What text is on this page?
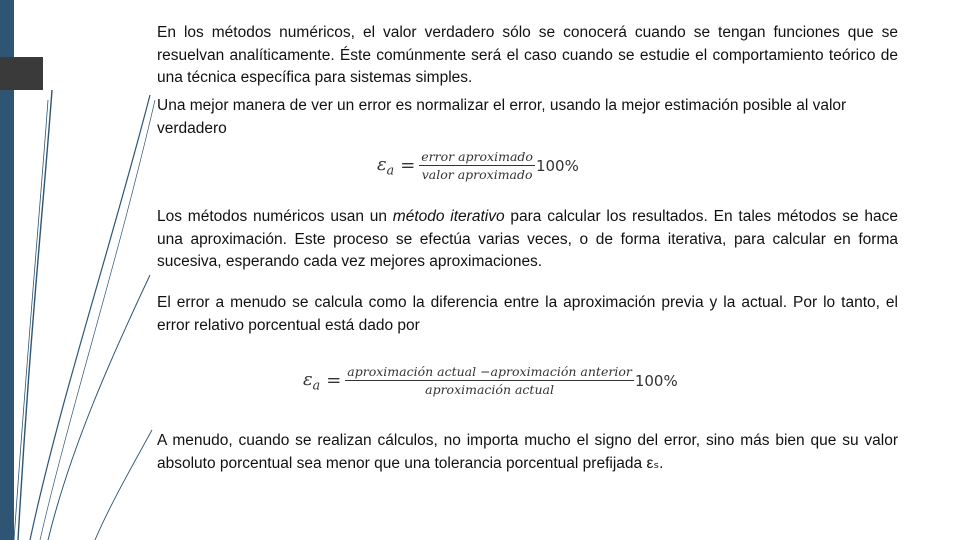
En los métodos numéricos, el valor verdadero sólo se conocerá cuando se tengan funciones que se resuelvan analíticamente. Éste comúnmente será el caso cuando se estudie el comportamiento teórico de una técnica específica para sistemas simples.

Una mejor manera de ver un error es normalizar el error, usando la mejor estimación posible al valor verdadero

$\varepsilon_a = \frac{\text{error aproximado}}{\text{valor aproximado}} 100\%$

Los métodos numéricos usan un método iterativo para calcular los resultados. En tales métodos se hace una aproximación. Este proceso se efectúa varias veces, o de forma iterativa, para calcular en forma sucesiva, esperando cada vez mejores aproximaciones.

El error a menudo se calcula como la diferencia entre la aproximación previa y la actual. Por lo tanto, el error relativo porcentual está dado por

$\varepsilon_a = \frac{\text{aproximación actual −aproximación anterior}}{\text{aproximación actual}} 100\%$

A menudo, cuando se realizan cálculos, no importa mucho el signo del error, sino más bien que su valor absoluto porcentual sea menor que una tolerancia porcentual prefijada εₛ.
